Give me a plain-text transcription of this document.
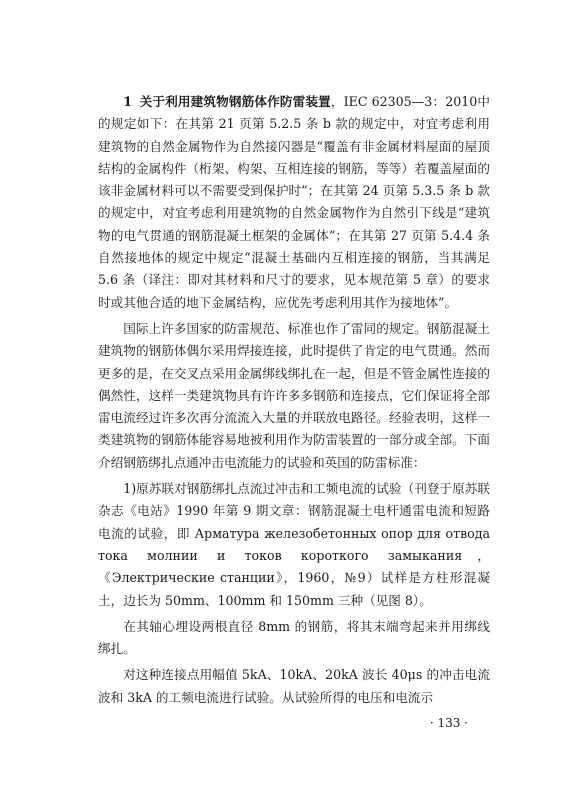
1 关于利用建筑物钢筋体作防雷装置，IEC 62305—3：2010中的规定如下：在其第 21 页第 5.2.5 条 b 款的规定中，对宜考虑利用建筑物的自然金属物作为自然接闪器是“覆盖有非金属材料屋面的屋顶结构的金属构件（桁架、构架、互相连接的钢筋，等等）若覆盖屋面的该非金属材料可以不需要受到保护时”；在其第 24 页第 5.3.5 条 b 款的规定中，对宜考虑利用建筑物的自然金属物作为自然引下线是“建筑物的电气贯通的钢筋混凝土框架的金属体”；在其第 27 页第 5.4.4 条自然接地体的规定中规定“混凝土基础内互相连接的钢筋，当其满足 5.6 条（译注：即对其材料和尺寸的要求，见本规范第 5 章）的要求时或其他合适的地下金属结构，应优先考虑利用其作为接地体”。

国际上许多国家的防雷规范、标准也作了雷同的规定。钢筋混凝土建筑物的钢筋体偶尔采用焊接连接，此时提供了肯定的电气贯通。然而更多的是，在交叉点采用金属绑线绑扎在一起，但是不管金属性连接的偶然性，这样一类建筑物具有许许多多钢筋和连接点，它们保证将全部雷电流经过许多次再分流流入大量的并联放电路径。经验表明，这样一类建筑物的钢筋体能容易地被利用作为防雷装置的一部分或全部。下面介绍钢筋绑扎点通冲击电流能力的试验和英国的防雷标准：

1)原苏联对钢筋绑扎点流过冲击和工频电流的试验（刊登于原苏联杂志《电站》1990 年第 9 期文章：钢筋混凝土电杆通雷电流和短路电流的试验，即 Арматура железобетонных опор для отвода тока молнии и токов короткого замыкания，《Электрические станции》，1960，№9）试样是方柱形混凝土，边长为 50mm、100mm 和 150mm 三种（见图 8）。

在其轴心埋设两根直径 8mm 的钢筋，将其末端弯起来并用绑线绑扎。

对这种连接点用幅值 5kA、10kA、20kA 波长 40μs 的冲击电流波和 3kA 的工频电流进行试验。从试验所得的电压和电流示

· 133 ·
